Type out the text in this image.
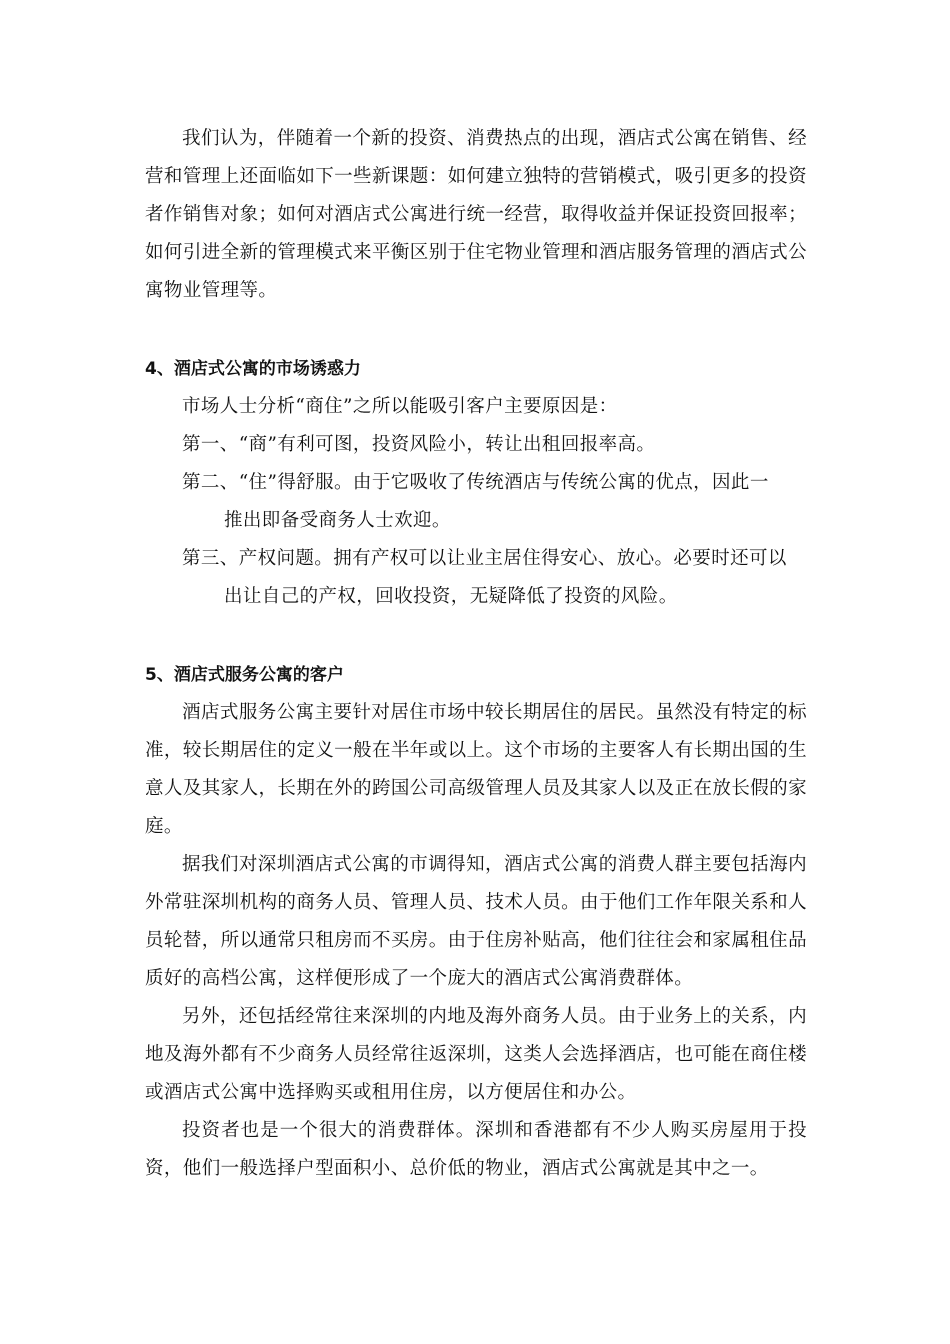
我们认为，伴随着一个新的投资、消费热点的出现，酒店式公寓在销售、经营和管理上还面临如下一些新课题：如何建立独特的营销模式，吸引更多的投资者作销售对象；如何对酒店式公寓进行统一经营，取得收益并保证投资回报率；如何引进全新的管理模式来平衡区别于住宅物业管理和酒店服务管理的酒店式公寓物业管理等。

4、酒店式公寓的市场诱惑力

市场人士分析“商住”之所以能吸引客户主要原因是：

第一、“商”有利可图，投资风险小，转让出租回报率高。

第二、“住”得舒服。由于它吸收了传统酒店与传统公寓的优点，因此一
推出即备受商务人士欢迎。

第三、产权问题。拥有产权可以让业主居住得安心、放心。必要时还可以
出让自己的产权，回收投资，无疑降低了投资的风险。

5、酒店式服务公寓的客户

酒店式服务公寓主要针对居住市场中较长期居住的居民。虽然没有特定的标准，较长期居住的定义一般在半年或以上。这个市场的主要客人有长期出国的生意人及其家人，长期在外的跨国公司高级管理人员及其家人以及正在放长假的家庭。

据我们对深圳酒店式公寓的市调得知，酒店式公寓的消费人群主要包括海内外常驻深圳机构的商务人员、管理人员、技术人员。由于他们工作年限关系和人员轮替，所以通常只租房而不买房。由于住房补贴高，他们往往会和家属租住品质好的高档公寓，这样便形成了一个庞大的酒店式公寓消费群体。

另外，还包括经常往来深圳的内地及海外商务人员。由于业务上的关系，内地及海外都有不少商务人员经常往返深圳，这类人会选择酒店，也可能在商住楼或酒店式公寓中选择购买或租用住房，以方便居住和办公。

投资者也是一个很大的消费群体。深圳和香港都有不少人购买房屋用于投资，他们一般选择户型面积小、总价低的物业，酒店式公寓就是其中之一。
